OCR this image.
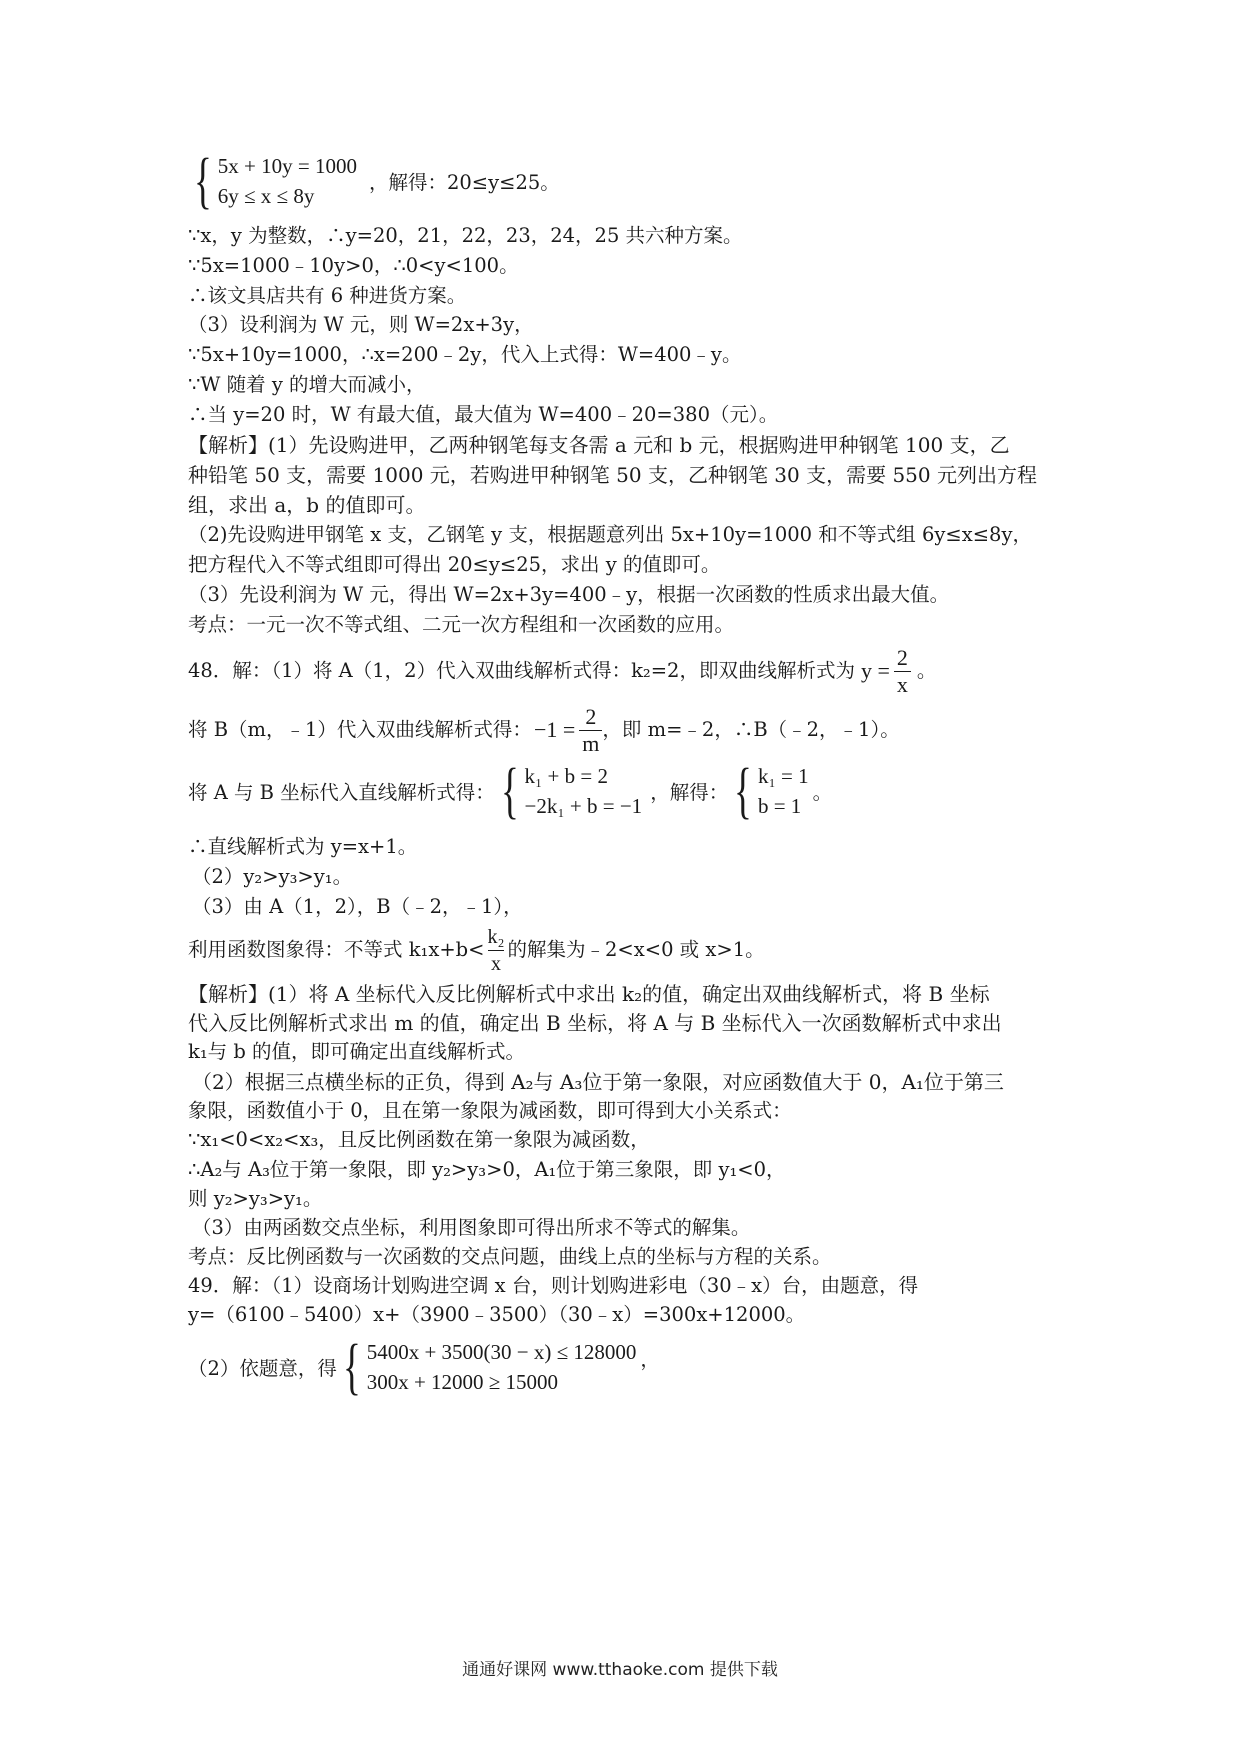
{ 5x + 10y = 1000
6y ≤ x ≤ 8y
，解得：20≤y≤25。
∵x，y 为整数，∴y=20，21，22，23，24，25 共六种方案。
∵5x=1000﹣10y>0，∴0<y<100。
∴该文具店共有 6 种进货方案。
（3）设利润为 W 元，则 W=2x+3y，
∵5x+10y=1000，∴x=200﹣2y，代入上式得：W=400﹣y。
∵W 随着 y 的增大而减小，
∴当 y=20 时，W 有最大值，最大值为 W=400﹣20=380（元）。
【解析】(1）先设购进甲，乙两种钢笔每支各需 a 元和 b 元，根据购进甲种钢笔 100 支，乙
种铅笔 50 支，需要 1000 元，若购进甲种钢笔 50 支，乙种钢笔 30 支，需要 550 元列出方程
组，求出 a，b 的值即可。
（2)先设购进甲钢笔 x 支，乙钢笔 y 支，根据题意列出 5x+10y=1000 和不等式组 6y≤x≤8y，
把方程代入不等式组即可得出 20≤y≤25，求出 y 的值即可。
（3）先设利润为 W 元，得出 W=2x+3y=400﹣y，根据一次函数的性质求出最大值。
考点：一元一次不等式组、二元一次方程组和一次函数的应用。
48．解：（1）将 A（1，2）代入双曲线解析式得：k₂=2，即双曲线解析式为 $y = \frac{2}{x}$ 。
将 B（m，﹣1）代入双曲线解析式得： $-1 = \frac{2}{m}$ ，即 m=﹣2，∴B（﹣2，﹣1）。
将 A 与 B 坐标代入直线解析式得： { k₁ + b = 2
−2k₁ + b = −1
，解得： { k₁ = 1
b = 1
。
∴直线解析式为 y=x+1。
（2）y₂>y₃>y₁。
（3）由 A（1，2），B（﹣2，﹣1），
利用函数图象得：不等式 $k_1x+b< \frac{\text{k₂}}{x}$ 的解集为﹣2<x<0 或 x>1。
【解析】(1）将 A 坐标代入反比例解析式中求出 k₂的值，确定出双曲线解析式，将 B 坐标
代入反比例解析式求出 m 的值，确定出 B 坐标，将 A 与 B 坐标代入一次函数解析式中求出
k₁与 b 的值，即可确定出直线解析式。
（2）根据三点横坐标的正负，得到 A₂与 A₃位于第一象限，对应函数值大于 0，A₁位于第三
象限，函数值小于 0，且在第一象限为减函数，即可得到大小关系式：
∵x₁<0<x₂<x₃，且反比例函数在第一象限为减函数，
∴A₂与 A₃位于第一象限，即 y₂>y₃>0，A₁位于第三象限，即 y₁<0，
则 y₂>y₃>y₁。
（3）由两函数交点坐标，利用图象即可得出所求不等式的解集。
考点：反比例函数与一次函数的交点问题，曲线上点的坐标与方程的关系。
49．解：（1）设商场计划购进空调 x 台，则计划购进彩电（30﹣x）台，由题意，得
y=（6100﹣5400）x+（3900﹣3500）（30﹣x）=300x+12000。
（2）依题意，得 { 5400x + 3500(30 − x) ≤ 128000
300x + 12000 ≥ 15000
，
通通好课网 www.tthaoke.com 提供下载
